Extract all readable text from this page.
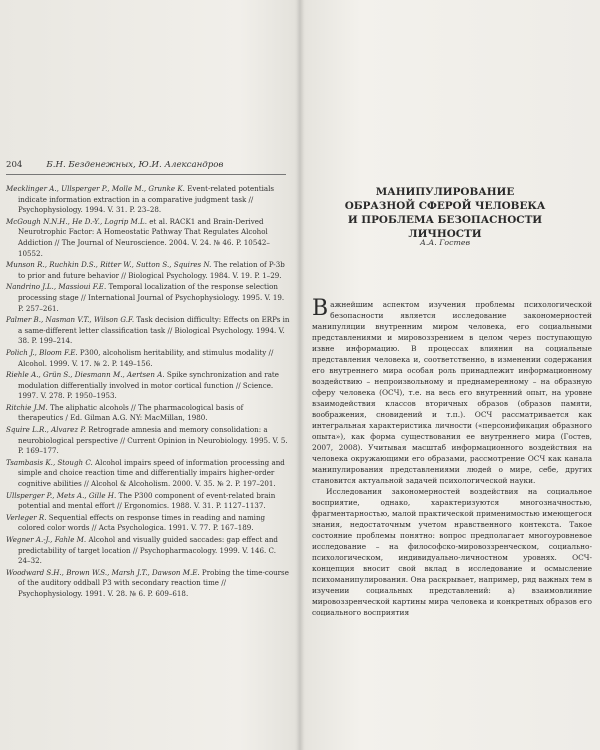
204	Б.Н. Безденежных, Ю.И. Александров

Mecklinger A., Ullsperger P., Molle M., Grunke K. Event-related potentials indicate information extraction in a comparative judgment task // Psychophysiology. 1994. V. 31. P. 23–28.

McGough N.N.H., He D.-Y., Logrip M.L. et al. RACK1 and Brain-Derived Neurotrophic Factor: A Homeostatic Pathway That Regulates Alcohol Addiction // The Journal of Neuroscience. 2004. V. 24. № 46. P. 10542–10552.

Munson R., Ruchkin D.S., Ritter W., Sutton S., Squires N. The relation of P-3b to prior and future behavior // Biological Psychology. 1984. V. 19. P. 1–29.

Nandrino J.L., Massioui F.E. Temporal localization of the response selection processing stage // International Journal of Psychophysiology. 1995. V. 19. P. 257–261.

Palmer B., Nasman V.T., Wilson G.F. Task decision difficulty: Effects on ERPs in a same-different letter classification task // Biological Psychology. 1994. V. 38. P. 199–214.

Polich J., Bloom F.E. P300, alcoholism heritability, and stimulus modality // Alcohol. 1999. V. 17. № 2. P. 149–156.

Riehle A., Grün S., Diesmann M., Aertsen A. Spike synchronization and rate modulation differentially involved in motor cortical function // Science. 1997. V. 278. P. 1950–1953.

Ritchie J.M. The aliphatic alcohols // The pharmacological basis of therapeutics / Ed. Gilman A.G. NY: MacMillan, 1980.

Squire L.R., Alvarez P. Retrograde amnesia and memory consolidation: a neurobiological perspective // Current Opinion in Neurobiology. 1995. V. 5. P. 169–177.

Tsambasis K., Stough C. Alcohol impairs speed of information processing and simple and choice reaction time and differentially impairs higher-order cognitive abilities // Alcohol & Alcoholism. 2000. V. 35. № 2. P. 197–201.

Ullsperger P., Mets A., Gille H. The P300 component of event-related brain potential and mental effort // Ergonomics. 1988. V. 31. P. 1127–1137.

Verleger R. Sequential effects on response times in reading and naming colored color words // Acta Psychologica. 1991. V. 77. P. 167–189.

Wegner A.-J., Fahle M. Alcohol and visually guided saccades: gap effect and predictability of target location // Psychopharmacology. 1999. V. 146. C. 24–32.

Woodward S.H., Brown W.S., Marsh J.T., Dawson M.E. Probing the time-course of the auditory oddball P3 with secondary reaction time // Psychophysiology. 1991. V. 28. № 6. P. 609–618.

МАНИПУЛИРОВАНИЕ
ОБРАЗНОЙ СФЕРОЙ ЧЕЛОВЕКА
И ПРОБЛЕМА БЕЗОПАСНОСТИ ЛИЧНОСТИ
А.А. Гостев

Важнейшим аспектом изучения проблемы психологической безопасности является исследование закономерностей манипуляции внутренним миром человека, его социальными представлениями и мировоззрением в целом через поступающую извне информацию. В процессах влияния на социальные представления человека и, соответственно, в изменении содержания его внутреннего мира особая роль принадлежит информационному воздействию – непроизвольному и преднамеренному – на образную сферу человека (ОСЧ), т.е. на весь его внутренний опыт, на уровне взаимодействия классов вторичных образов (образов памяти, воображения, сновидений и т.п.). ОСЧ рассматривается как интегральная характеристика личности («персонификация образного опыта»), как форма существования ее внутреннего мира (Гостев, 2007, 2008). Учитывая масштаб информационного воздействия на человека окружающими его образами, рассмотрение ОСЧ как канала манипулирования представлениями людей о мире, себе, других становится актуальной задачей психологической науки.

Исследования закономерностей воздействия на социальное восприятие, однако, характеризуются многозначностью, фрагментарностью, малой практической применимостью имеющегося знания, недостаточным учетом нравственного контекста. Такое состояние проблемы понятно: вопрос предполагает многоуровневое исследование – на философско-мировоззренческом, социально-психологическом, индивидуально-личностном уровнях. ОСЧ-концепция вносит свой вклад в исследование и осмысление психоманипулирования. Она раскрывает, например, ряд важных тем в изучении социальных представлений: а) взаимовлияние мировоззренческой картины мира человека и конкретных образов его социального восприятия
